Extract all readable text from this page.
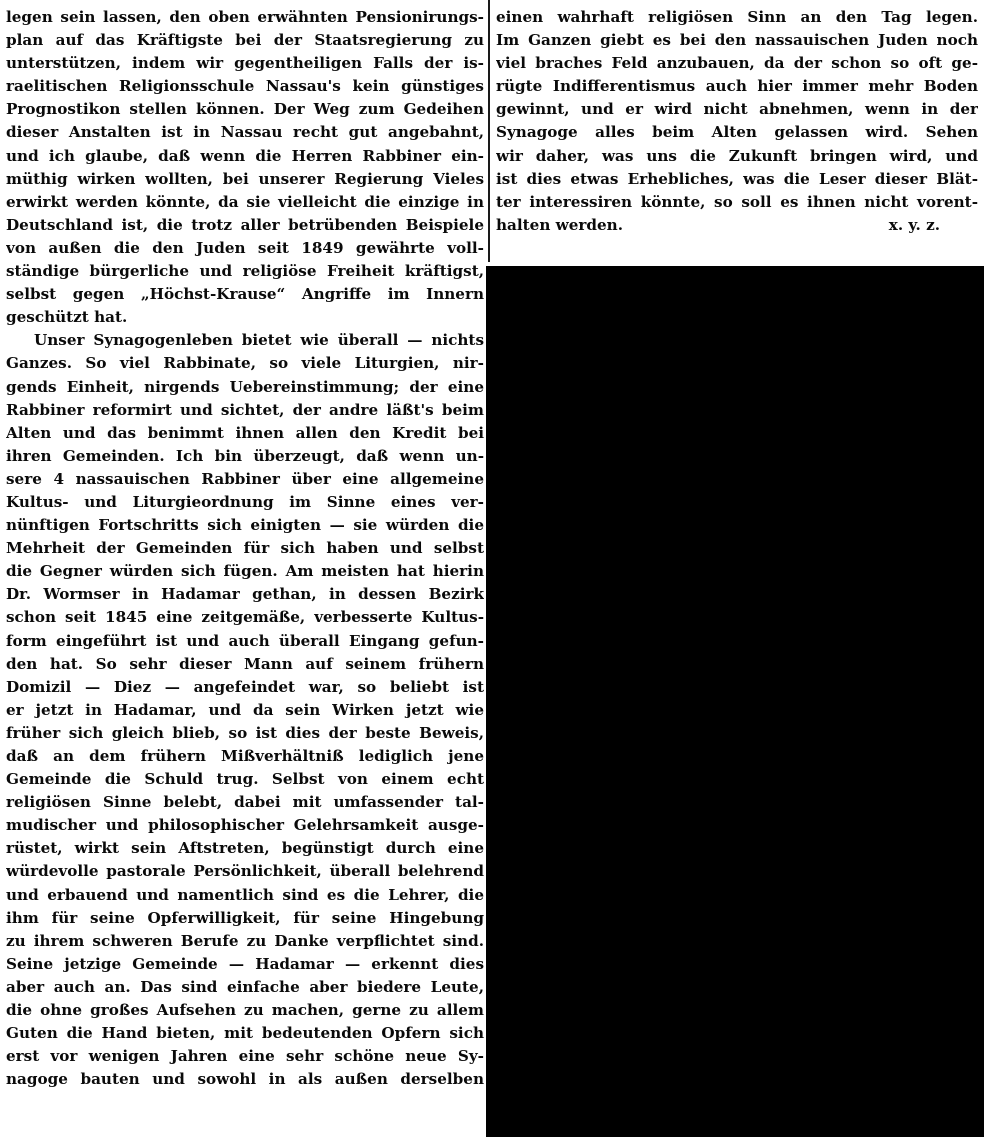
legen sein lassen, den oben erwähnten Pensionirungs-
plan auf das Kräftigste bei der Staatsregierung zu
unterstützen, indem wir gegentheiligen Falls der is-
raelitischen Religionsschule Nassau's kein günstiges
Prognostikon stellen können. Der Weg zum Gedeihen
dieser Anstalten ist in Nassau recht gut angebahnt,
und ich glaube, daß wenn die Herren Rabbiner ein-
müthig wirken wollten, bei unserer Regierung Vieles
erwirkt werden könnte, da sie vielleicht die einzige in
Deutschland ist, die trotz aller betrübenden Beispiele
von außen die den Juden seit 1849 gewährte voll-
ständige bürgerliche und religiöse Freiheit kräftigst,
selbst gegen „Höchst-Krause“ Angriffe im Innern
geschützt hat.
Unser Synagogenleben bietet wie überall — nichts
Ganzes. So viel Rabbinate, so viele Liturgien, nir-
gends Einheit, nirgends Uebereinstimmung; der eine
Rabbiner reformirt und sichtet, der andre läßt's beim
Alten und das benimmt ihnen allen den Kredit bei
ihren Gemeinden. Ich bin überzeugt, daß wenn un-
sere 4 nassauischen Rabbiner über eine allgemeine
Kultus- und Liturgieordnung im Sinne eines ver-
nünftigen Fortschritts sich einigten — sie würden die
Mehrheit der Gemeinden für sich haben und selbst
die Gegner würden sich fügen. Am meisten hat hierin
Dr. Wormser in Hadamar gethan, in dessen Bezirk
schon seit 1845 eine zeitgemäße, verbesserte Kultus-
form eingeführt ist und auch überall Eingang gefun-
den hat. So sehr dieser Mann auf seinem frühern
Domizil — Diez — angefeindet war, so beliebt ist
er jetzt in Hadamar, und da sein Wirken jetzt wie
früher sich gleich blieb, so ist dies der beste Beweis,
daß an dem frühern Mißverhältniß lediglich jene
Gemeinde die Schuld trug. Selbst von einem echt
religiösen Sinne belebt, dabei mit umfassender tal-
mudischer und philosophischer Gelehrsamkeit ausge-
rüstet, wirkt sein Aftstreten, begünstigt durch eine
würdevolle pastorale Persönlichkeit, überall belehrend
und erbauend und namentlich sind es die Lehrer, die
ihm für seine Opferwilligkeit, für seine Hingebung
zu ihrem schweren Berufe zu Danke verpflichtet sind.
Seine jetzige Gemeinde — Hadamar — erkennt dies
aber auch an. Das sind einfache aber biedere Leute,
die ohne großes Aufsehen zu machen, gerne zu allem
Guten die Hand bieten, mit bedeutenden Opfern sich
erst vor wenigen Jahren eine sehr schöne neue Sy-
nagoge bauten und sowohl in als außen derselben
einen wahrhaft religiösen Sinn an den Tag legen.
Im Ganzen giebt es bei den nassauischen Juden noch
viel braches Feld anzubauen, da der schon so oft ge-
rügte Indifferentismus auch hier immer mehr Boden
gewinnt, und er wird nicht abnehmen, wenn in der
Synagoge alles beim Alten gelassen wird. Sehen
wir daher, was uns die Zukunft bringen wird, und
ist dies etwas Erhebliches, was die Leser dieser Blät-
ter interessiren könnte, so soll es ihnen nicht vorent-
halten werden.	x. y. z.
